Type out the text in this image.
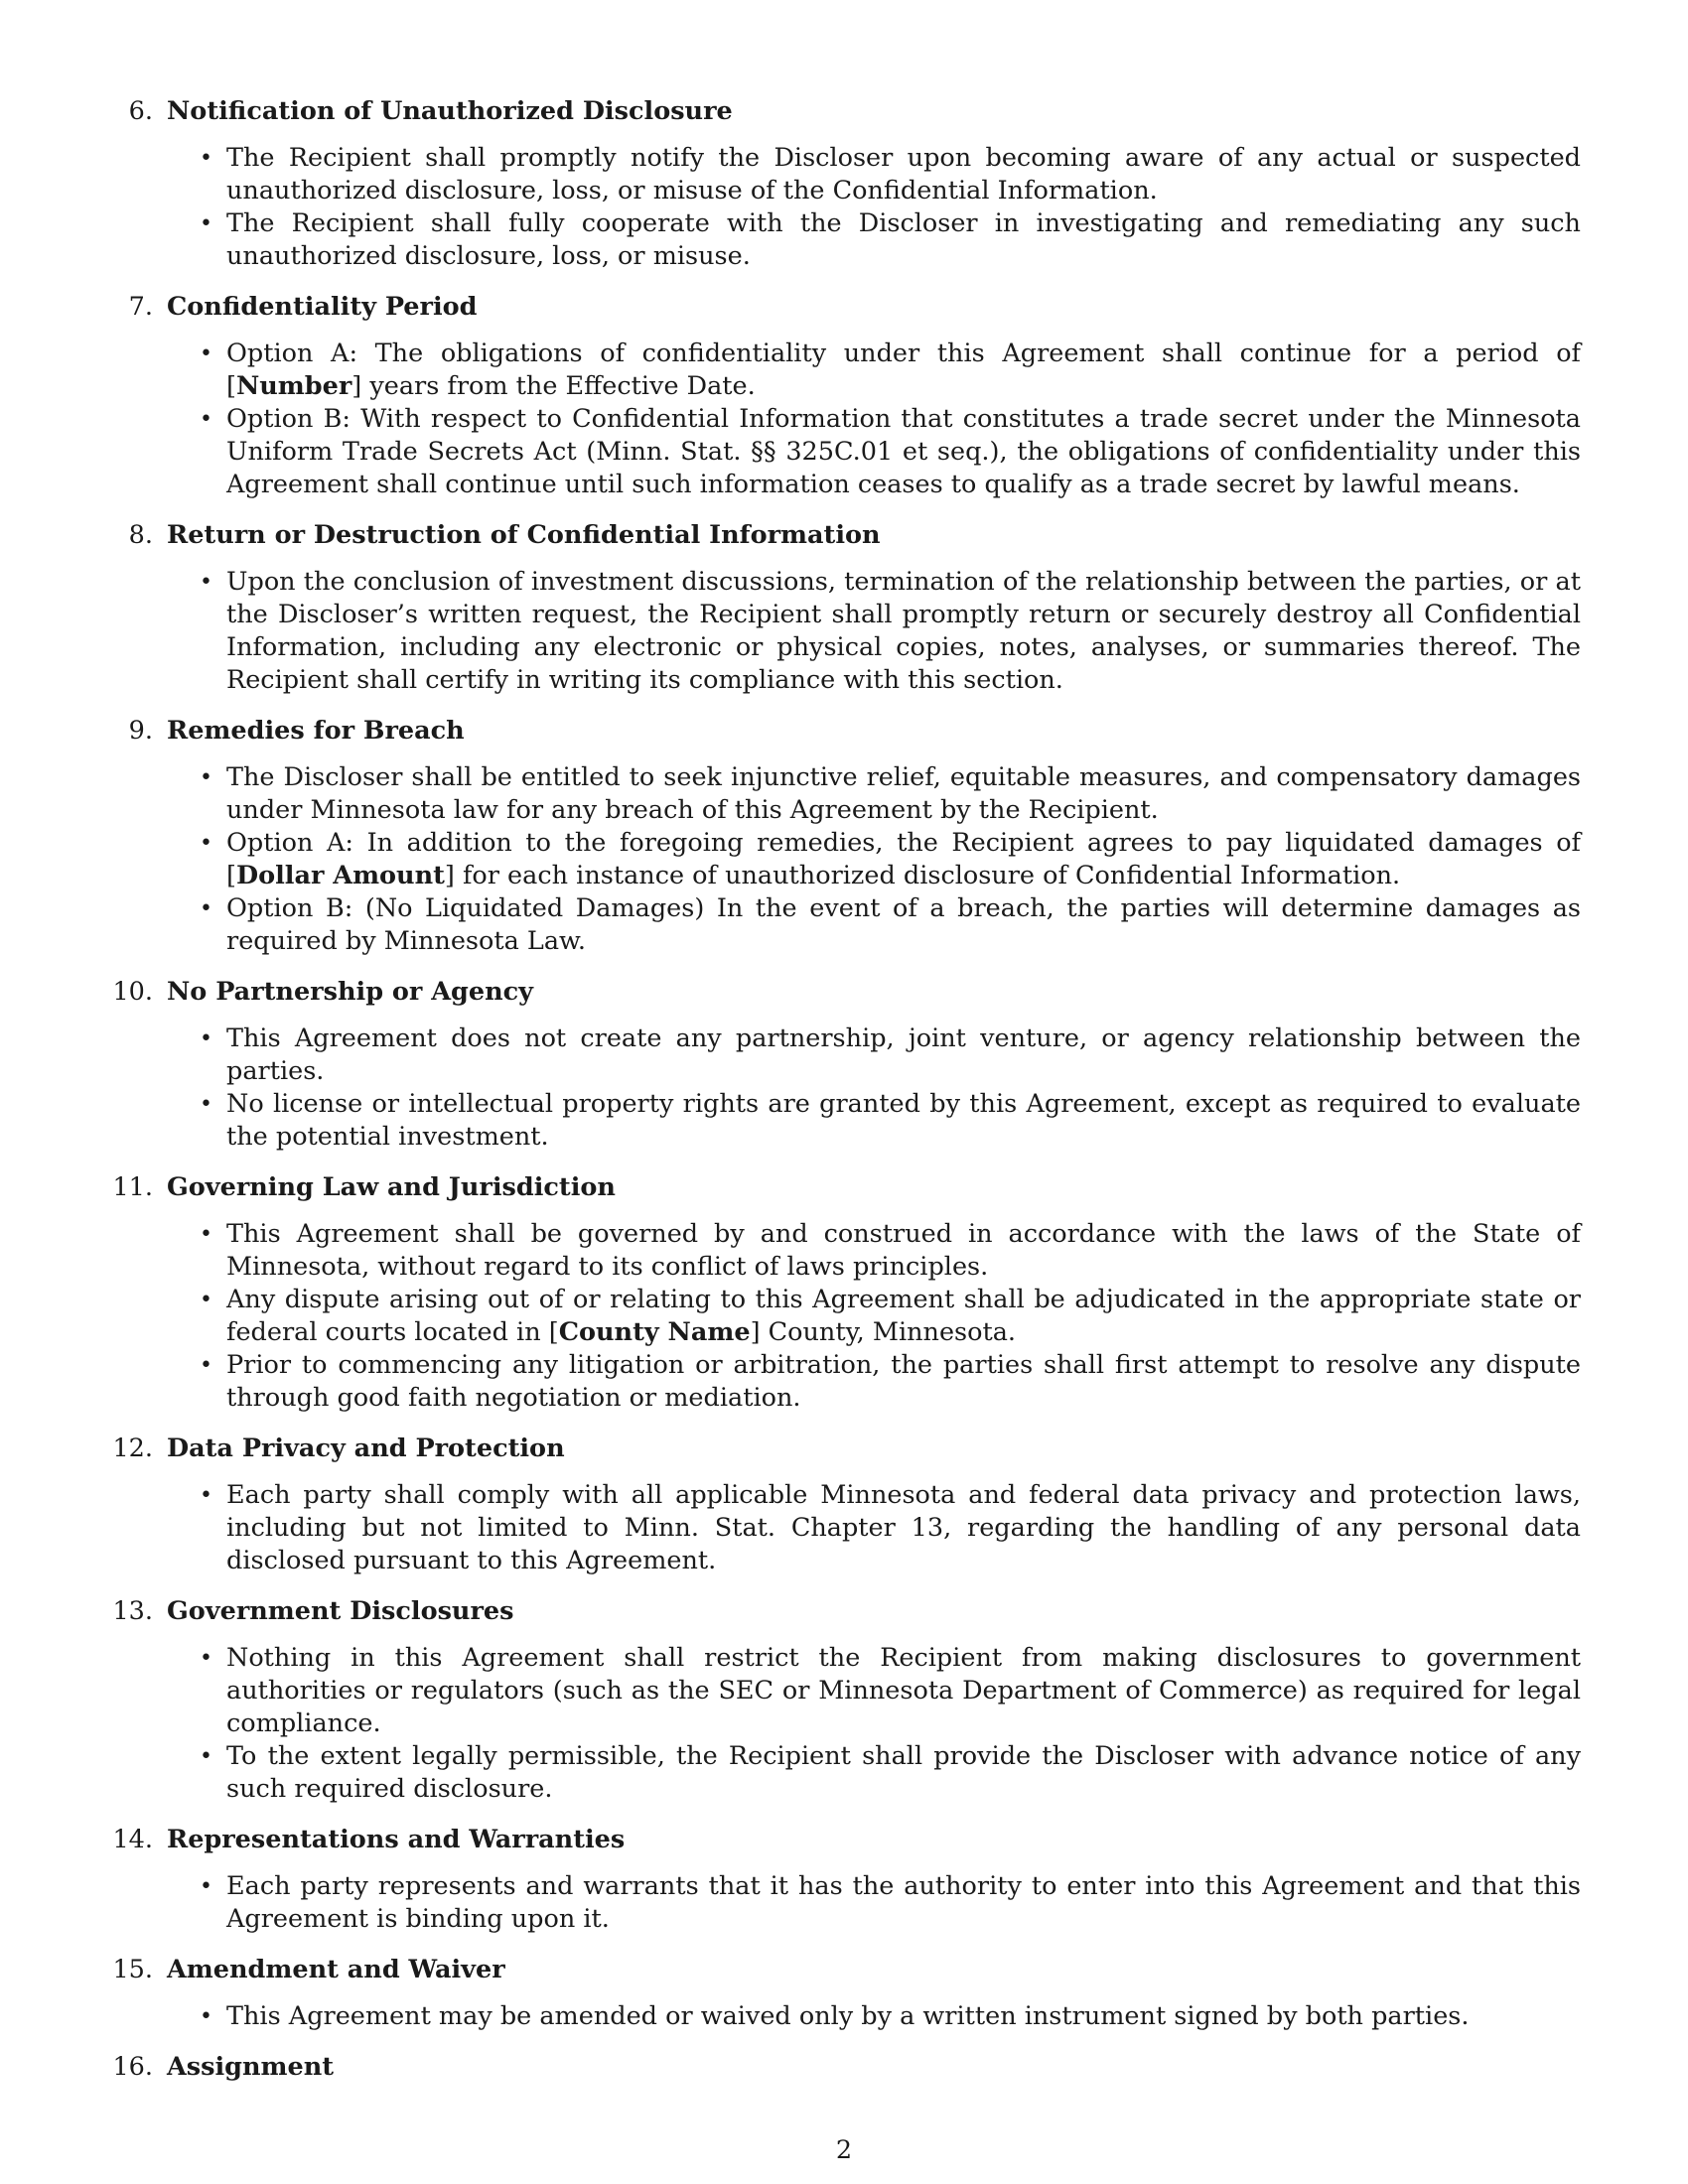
6. Notification of Unauthorized Disclosure
• The Recipient shall promptly notify the Discloser upon becoming aware of any actual or suspected unauthorized disclosure, loss, or misuse of the Confidential Information.
• The Recipient shall fully cooperate with the Discloser in investigating and remediating any such unauthorized disclosure, loss, or misuse.
7. Confidentiality Period
• Option A: The obligations of confidentiality under this Agreement shall continue for a period of [Number] years from the Effective Date.
• Option B: With respect to Confidential Information that constitutes a trade secret under the Minnesota Uniform Trade Secrets Act (Minn. Stat. §§ 325C.01 et seq.), the obligations of confidentiality under this Agreement shall continue until such information ceases to qualify as a trade secret by lawful means.
8. Return or Destruction of Confidential Information
• Upon the conclusion of investment discussions, termination of the relationship between the parties, or at the Discloser’s written request, the Recipient shall promptly return or securely destroy all Confidential Information, including any electronic or physical copies, notes, analyses, or summaries thereof. The Recipient shall certify in writing its compliance with this section.
9. Remedies for Breach
• The Discloser shall be entitled to seek injunctive relief, equitable measures, and compensatory damages under Minnesota law for any breach of this Agreement by the Recipient.
• Option A: In addition to the foregoing remedies, the Recipient agrees to pay liquidated damages of [Dollar Amount] for each instance of unauthorized disclosure of Confidential Information.
• Option B: (No Liquidated Damages) In the event of a breach, the parties will determine damages as required by Minnesota Law.
10. No Partnership or Agency
• This Agreement does not create any partnership, joint venture, or agency relationship between the parties.
• No license or intellectual property rights are granted by this Agreement, except as required to evaluate the potential investment.
11. Governing Law and Jurisdiction
• This Agreement shall be governed by and construed in accordance with the laws of the State of Minnesota, without regard to its conflict of laws principles.
• Any dispute arising out of or relating to this Agreement shall be adjudicated in the appropriate state or federal courts located in [County Name] County, Minnesota.
• Prior to commencing any litigation or arbitration, the parties shall first attempt to resolve any dispute through good faith negotiation or mediation.
12. Data Privacy and Protection
• Each party shall comply with all applicable Minnesota and federal data privacy and protection laws, including but not limited to Minn. Stat. Chapter 13, regarding the handling of any personal data disclosed pursuant to this Agreement.
13. Government Disclosures
• Nothing in this Agreement shall restrict the Recipient from making disclosures to government authorities or regulators (such as the SEC or Minnesota Department of Commerce) as required for legal compliance.
• To the extent legally permissible, the Recipient shall provide the Discloser with advance notice of any such required disclosure.
14. Representations and Warranties
• Each party represents and warrants that it has the authority to enter into this Agreement and that this Agreement is binding upon it.
15. Amendment and Waiver
• This Agreement may be amended or waived only by a written instrument signed by both parties.
16. Assignment
2
